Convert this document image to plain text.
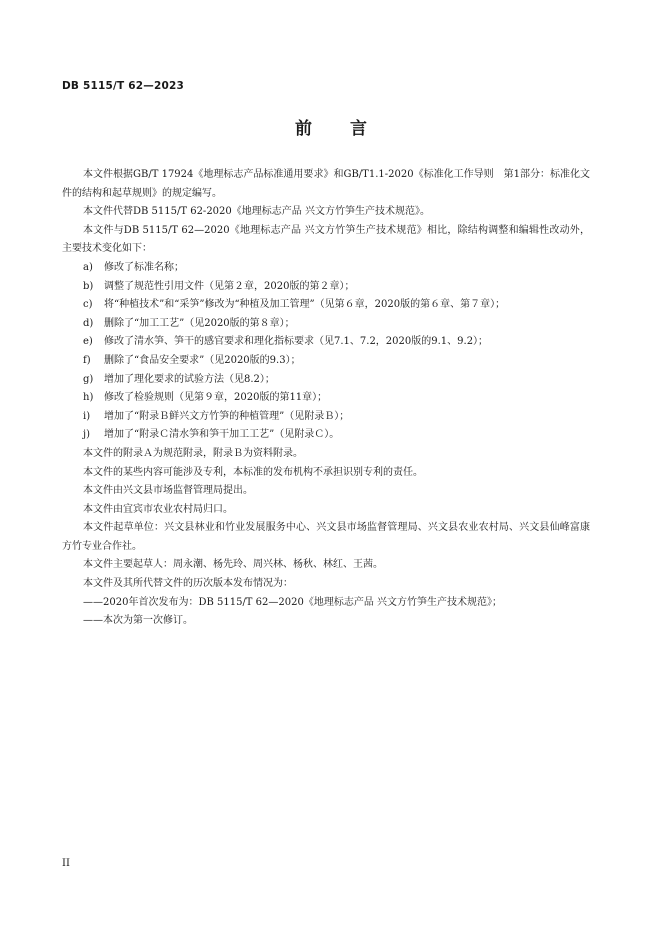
DB 5115/T 62—2023
前言

本文件根据GB/T 17924《地理标志产品标准通用要求》和GB/T1.1-2020《标准化工作导则　第1部分：标准化文件的结构和起草规则》的规定编写。

本文件代替DB 5115/T 62-2020《地理标志产品 兴文方竹笋生产技术规范》。

本文件与DB 5115/T 62—2020《地理标志产品 兴文方竹笋生产技术规范》相比，除结构调整和编辑性改动外，主要技术变化如下：

a) 修改了标准名称；

b) 调整了规范性引用文件（见第２章，2020版的第２章）；

c) 将“种植技术”和“采笋”修改为“种植及加工管理”（见第６章，2020版的第６章、第７章）；

d) 删除了“加工工艺”（见2020版的第８章）；

e) 修改了清水笋、笋干的感官要求和理化指标要求（见7.1、7.2，2020版的9.1、9.2）；

f) 删除了“食品安全要求”（见2020版的9.3）；

g) 增加了理化要求的试验方法（见8.2）；

h) 修改了检验规则（见第９章，2020版的第11章）；

i) 增加了“附录Ｂ鲜兴文方竹笋的种植管理”（见附录Ｂ）；

j) 增加了“附录Ｃ清水笋和笋干加工工艺”（见附录Ｃ）。

本文件的附录Ａ为规范附录，附录Ｂ为资料附录。

本文件的某些内容可能涉及专利，本标准的发布机构不承担识别专利的责任。

本文件由兴文县市场监督管理局提出。

本文件由宜宾市农业农村局归口。

本文件起草单位：兴文县林业和竹业发展服务中心、兴文县市场监督管理局、兴文县农业农村局、兴文县仙峰富康方竹专业合作社。

本文件主要起草人：周永潮、杨先玲、周兴林、杨秋、林红、王茜。

本文件及其所代替文件的历次版本发布情况为：

——2020年首次发布为：DB 5115/T 62—2020《地理标志产品 兴文方竹笋生产技术规范》；

——本次为第一次修订。

II
